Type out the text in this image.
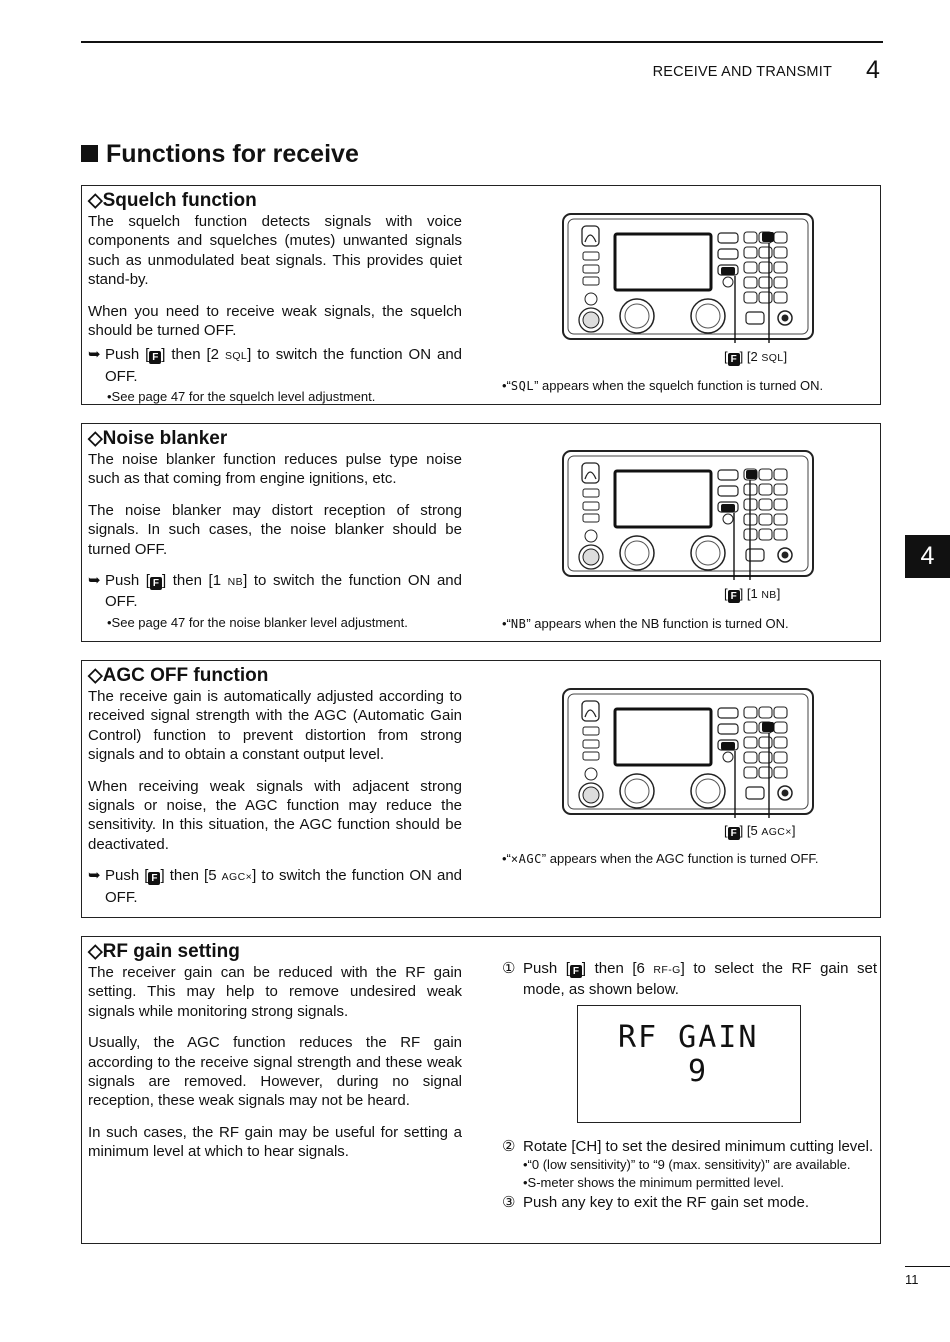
RECEIVE AND TRANSMIT 4
Functions for receive
◇Squelch function

The squelch function detects signals with voice components and squelches (mutes) unwanted signals such as unmodulated beat signals. This provides quiet stand-by.

When you need to receive weak signals, the squelch should be turned OFF.

➥ Push [ F ] then [2 SQL] to switch the function ON and OFF.
•See page 47 for the squelch level adjustment.
[ F ] [2 SQL]
•“SQL” appears when the squelch function is turned ON.
◇Noise blanker

The noise blanker function reduces pulse type noise such as that coming from engine ignitions, etc.

The noise blanker may distort reception of strong signals. In such cases, the noise blanker should be turned OFF.

➥ Push [ F ] then [1 NB] to switch the function ON and OFF.
•See page 47 for the noise blanker level adjustment.
[ F ] [1 NB]
•“NB” appears when the NB function is turned ON.
◇AGC OFF function

The receive gain is automatically adjusted according to received signal strength with the AGC (Automatic Gain Control) function to prevent distortion from strong signals and to obtain a constant output level.

When receiving weak signals with adjacent strong signals or noise, the AGC function may reduce the sensitivity. In this situation, the AGC function should be deactivated.

➥ Push [ F ] then [5 AGC×] to switch the function ON and OFF.
[ F ] [5 AGC×]
•“×AGC” appears when the AGC function is turned OFF.
◇RF gain setting

The receiver gain can be reduced with the RF gain setting. This may help to remove undesired weak signals while monitoring strong signals.

Usually, the AGC function reduces the RF gain according to the receive signal strength and these weak signals are removed. However, during no signal reception, these weak signals may not be heard.

In such cases, the RF gain may be useful for setting a minimum level at which to hear signals.

① Push [ F ] then [6 RF-G] to select the RF gain set mode, as shown below.
RF GAIN
9
② Rotate [CH] to set the desired minimum cutting level.
•“0 (low sensitivity)” to “9 (max. sensitivity)” are available.
•S-meter shows the minimum permitted level.
③ Push any key to exit the RF gain set mode.
4
11
